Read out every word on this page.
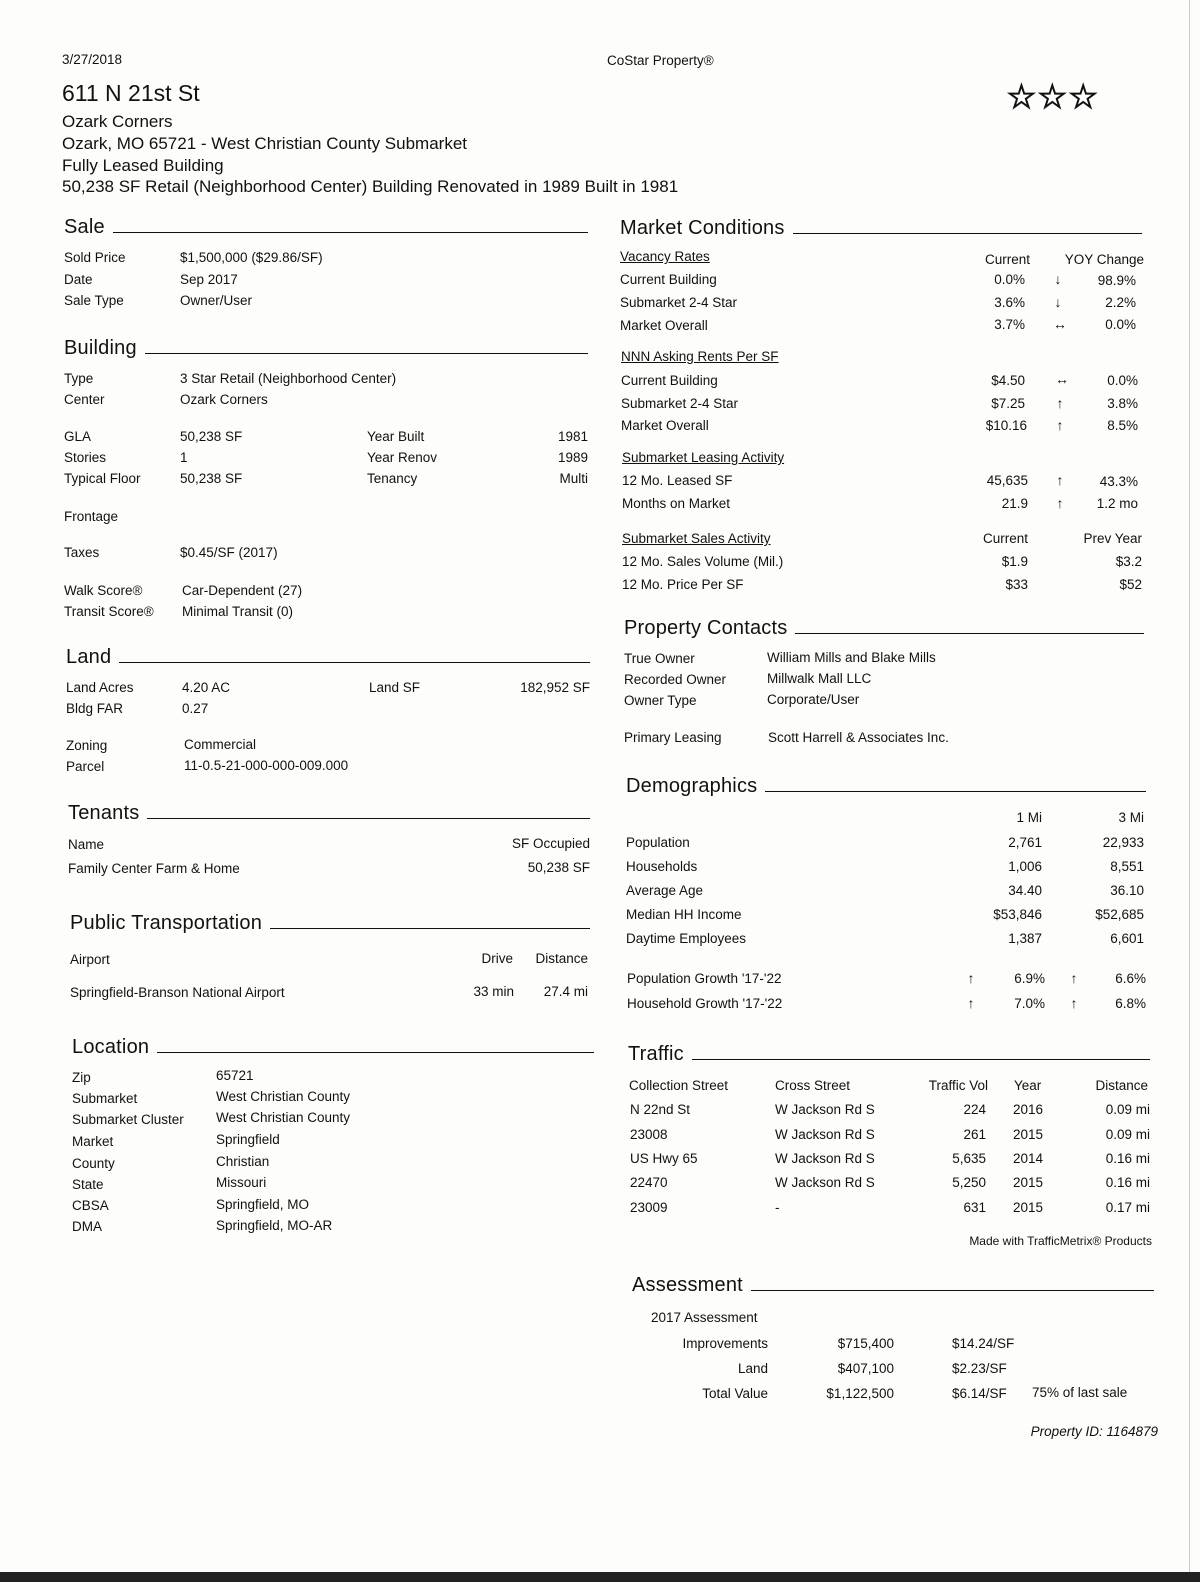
3/27/2018	CoStar Property®
611 N 21st St	★★★
Ozark Corners
Ozark, MO 65721 - West Christian County Submarket
Fully Leased Building
50,238 SF Retail (Neighborhood Center) Building Renovated in 1989 Built in 1981
Sale
Sold Price	$1,500,000 ($29.86/SF)
Date	Sep 2017
Sale Type	Owner/User
Building
Type	3 Star Retail (Neighborhood Center)
Center	Ozark Corners
GLA	50,238 SF	Year Built	1981
Stories	1	Year Renov	1989
Typical Floor	50,238 SF	Tenancy	Multi
Frontage
Taxes	$0.45/SF (2017)
Walk Score®	Car-Dependent (27)
Transit Score® Minimal Transit (0)
Land
Land Acres	4.20 AC	Land SF	182,952 SF
Bldg FAR	0.27
Zoning	Commercial
Parcel	11-0.5-21-000-000-009.000
Tenants
Name	SF Occupied
Family Center Farm & Home	50,238 SF
Public Transportation
Airport	Drive	Distance
Springfield-Branson National Airport	33 min	27.4 mi
Location
Zip	65721
Submarket	West Christian County
Submarket Cluster West Christian County
Market	Springfield
County	Christian
State	Missouri
CBSA	Springfield, MO
DMA	Springfield, MO-AR
Market Conditions
Vacancy Rates	Current	YOY Change
Current Building	0.0%	↓	98.9%
Submarket 2-4 Star	3.6%	↓	2.2%
Market Overall	3.7%	↔	0.0%
NNN Asking Rents Per SF
Current Building	$4.50	↔	0.0%
Submarket 2-4 Star	$7.25	↑	3.8%
Market Overall	$10.16	↑	8.5%
Submarket Leasing Activity
12 Mo. Leased SF	45,635	↑	43.3%
Months on Market	21.9	↑	1.2 mo
Submarket Sales Activity	Current	Prev Year
12 Mo. Sales Volume (Mil.)	$1.9	$3.2
12 Mo. Price Per SF	$33	$52
Property Contacts
True Owner	William Mills and Blake Mills
Recorded Owner	Millwalk Mall LLC
Owner Type	Corporate/User
Primary Leasing	Scott Harrell & Associates Inc.
Demographics
1 Mi	3 Mi
Population	2,761	22,933
Households	1,006	8,551
Average Age	34.40	36.10
Median HH Income	$53,846	$52,685
Daytime Employees	1,387	6,601
Population Growth '17-'22	↑	6.9%	↑	6.6%
Household Growth '17-'22	↑	7.0%	↑	6.8%
Traffic
Collection Street	Cross Street	Traffic Vol Year	Distance
N 22nd St	W Jackson Rd S	224 2016	0.09 mi
23008	W Jackson Rd S	261 2015	0.09 mi
US Hwy 65	W Jackson Rd S	5,635 2014	0.16 mi
22470	W Jackson Rd S	5,250 2015	0.16 mi
23009	-	631 2015	0.17 mi
Made with TrafficMetrix® Products
Assessment
2017 Assessment
Improvements	$715,400	$14.24/SF
Land	$407,100	$2.23/SF
Total Value	$1,122,500	$6.14/SF 75% of last sale
Property ID: 1164879
